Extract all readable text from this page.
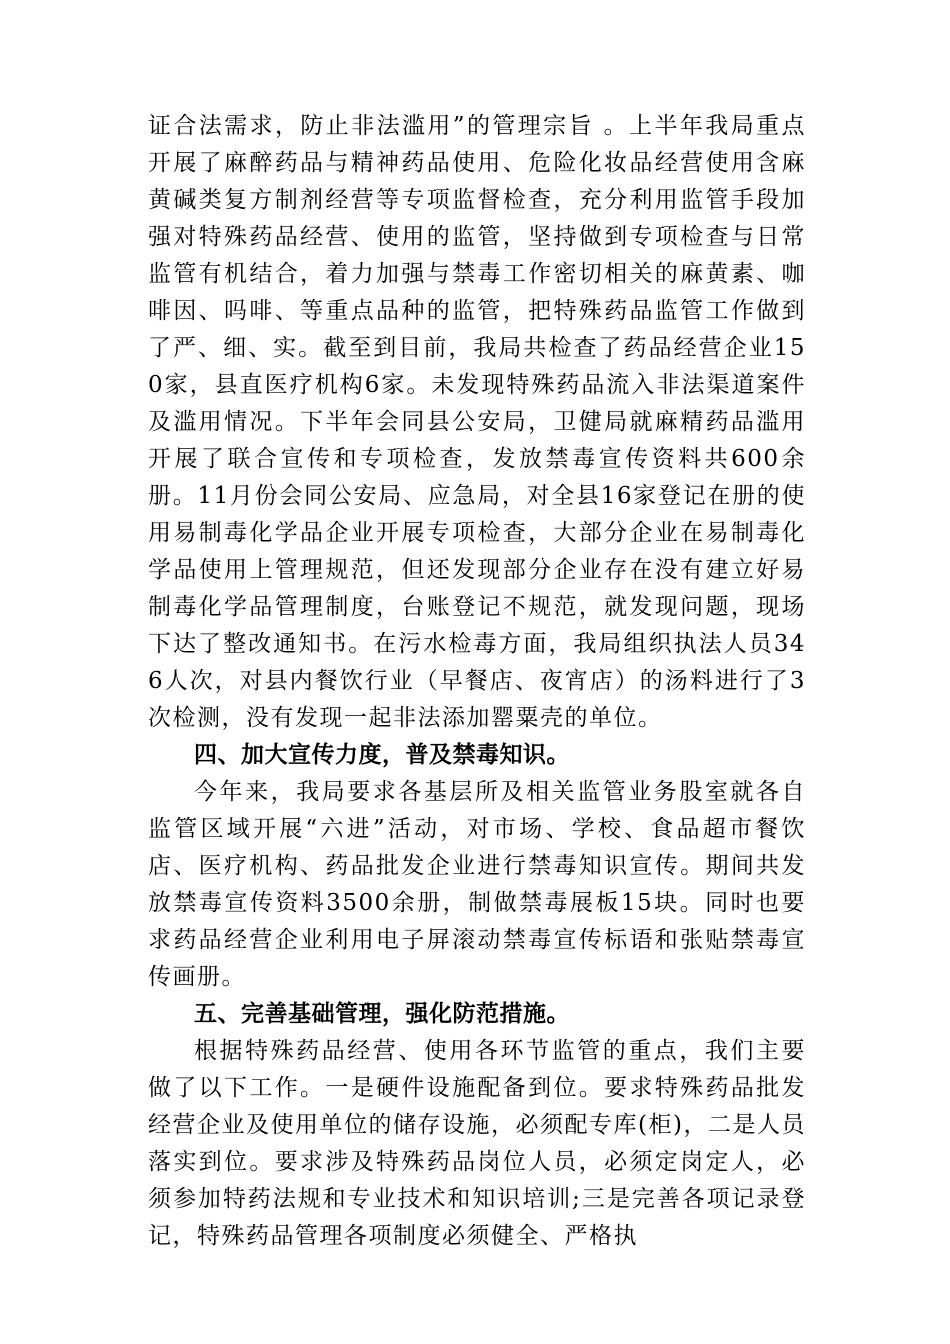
证合法需求，防止非法滥用”的管理宗旨 。上半年我局重点开展了麻醉药品与精神药品使用、危险化妆品经营使用含麻黄碱类复方制剂经营等专项监督检查，充分利用监管手段加强对特殊药品经营、使用的监管，坚持做到专项检查与日常监管有机结合，着力加强与禁毒工作密切相关的麻黄素、咖啡因、吗啡、等重点品种的监管，把特殊药品监管工作做到了严、细、实。截至到目前，我局共检查了药品经营企业150家，县直医疗机构6家。未发现特殊药品流入非法渠道案件及滥用情况。下半年会同县公安局，卫健局就麻精药品滥用开展了联合宣传和专项检查，发放禁毒宣传资料共600余册。11月份会同公安局、应急局，对全县16家登记在册的使用易制毒化学品企业开展专项检查，大部分企业在易制毒化学品使用上管理规范，但还发现部分企业存在没有建立好易制毒化学品管理制度，台账登记不规范，就发现问题，现场下达了整改通知书。在污水检毒方面，我局组织执法人员346人次，对县内餐饮行业（早餐店、夜宵店）的汤料进行了3次检测，没有发现一起非法添加罂粟壳的单位。

四、加大宣传力度，普及禁毒知识。

今年来，我局要求各基层所及相关监管业务股室就各自监管区域开展“六进”活动，对市场、学校、食品超市餐饮店、医疗机构、药品批发企业进行禁毒知识宣传。期间共发放禁毒宣传资料3500余册，制做禁毒展板15块。同时也要求药品经营企业利用电子屏滚动禁毒宣传标语和张贴禁毒宣传画册。

五、完善基础管理，强化防范措施。

根据特殊药品经营、使用各环节监管的重点，我们主要做了以下工作。一是硬件设施配备到位。要求特殊药品批发经营企业及使用单位的储存设施，必须配专库(柜)，二是人员落实到位。要求涉及特殊药品岗位人员，必须定岗定人，必须参加特药法规和专业技术和知识培训;三是完善各项记录登记，特殊药品管理各项制度必须健全、严格执
